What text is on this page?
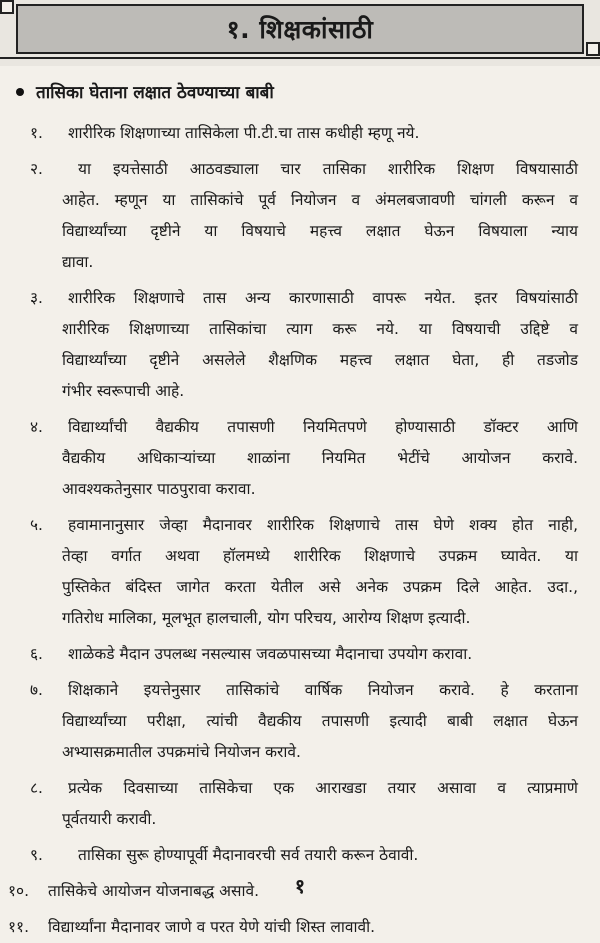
१. शिक्षकांसाठी
तासिका घेताना लक्षात ठेवण्याच्या बाबी
१. शारीरिक शिक्षणाच्या तासिकेला पी.टी.चा तास कधीही म्हणू नये.
२. या इयत्तेसाठी आठवड्याला चार तासिका शारीरिक शिक्षण विषयासाठी
आहेत. म्हणून या तासिकांचे पूर्व नियोजन व अंमलबजावणी चांगली करून व
विद्यार्थ्यांच्या दृष्टीने या विषयाचे महत्त्व लक्षात घेऊन विषयाला न्याय
द्यावा.
३. शारीरिक शिक्षणाचे तास अन्य कारणासाठी वापरू नयेत. इतर विषयांसाठी
शारीरिक शिक्षणाच्या तासिकांचा त्याग करू नये. या विषयाची उद्दिष्टे व
विद्यार्थ्यांच्या दृष्टीने असलेले शैक्षणिक महत्त्व लक्षात घेता, ही तडजोड
गंभीर स्वरूपाची आहे.
४. विद्यार्थ्यांची वैद्यकीय तपासणी नियमितपणे होण्यासाठी डॉक्टर आणि
वैद्यकीय अधिकाऱ्यांच्या शाळांना नियमित भेटींचे आयोजन करावे.
आवश्यकतेनुसार पाठपुरावा करावा.
५. हवामानानुसार जेव्हा मैदानावर शारीरिक शिक्षणाचे तास घेणे शक्य होत नाही,
तेव्हा वर्गात अथवा हॉलमध्ये शारीरिक शिक्षणाचे उपक्रम घ्यावेत. या
पुस्तिकेत बंदिस्त जागेत करता येतील असे अनेक उपक्रम दिले आहेत. उदा.,
गतिरोध मालिका, मूलभूत हालचाली, योग परिचय, आरोग्य शिक्षण इत्यादी.
६. शाळेकडे मैदान उपलब्ध नसल्यास जवळपासच्या मैदानाचा उपयोग करावा.
७. शिक्षकाने इयत्तेनुसार तासिकांचे वार्षिक नियोजन करावे. हे करताना
विद्यार्थ्यांच्या परीक्षा, त्यांची वैद्यकीय तपासणी इत्यादी बाबी लक्षात घेऊन
अभ्यासक्रमातील उपक्रमांचे नियोजन करावे.
८. प्रत्येक दिवसाच्या तासिकेचा एक आराखडा तयार असावा व त्याप्रमाणे
पूर्वतयारी करावी.
९. तासिका सुरू होण्यापूर्वी मैदानावरची सर्व तयारी करून ठेवावी.
१०. तासिकेचे आयोजन योजनाबद्ध असावे.
११. विद्यार्थ्यांना मैदानावर जाणे व परत येणे यांची शिस्त लावावी.
१
